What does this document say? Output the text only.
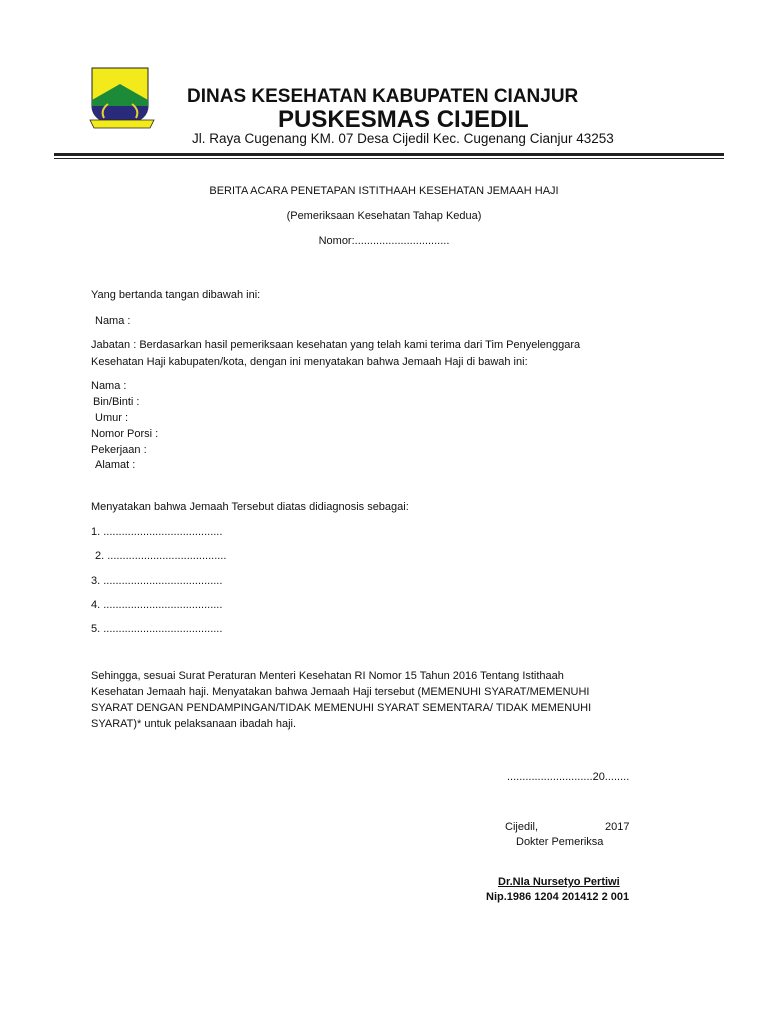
DINAS KESEHATAN KABUPATEN CIANJUR
PUSKESMAS CIJEDIL
Jl. Raya Cugenang KM. 07 Desa Cijedil Kec. Cugenang Cianjur 43253
BERITA ACARA PENETAPAN ISTITHAAH KESEHATAN JEMAAH HAJI
(Pemeriksaan Kesehatan Tahap Kedua)
Nomor:...............................
Yang bertanda tangan dibawah ini:
Nama :
Jabatan : Berdasarkan hasil pemeriksaan kesehatan yang telah kami terima dari Tim Penyelenggara
Kesehatan Haji kabupaten/kota, dengan ini menyatakan bahwa Jemaah Haji di bawah ini:
Nama :
Bin/Binti :
Umur :
Nomor Porsi :
Pekerjaan :
Alamat :
Menyatakan bahwa Jemaah Tersebut diatas didiagnosis sebagai:
1. .......................................
2. .......................................
3. .......................................
4. .......................................
5. .......................................
Sehingga, sesuai Surat Peraturan Menteri Kesehatan RI Nomor 15 Tahun 2016 Tentang Istithaah
Kesehatan Jemaah haji. Menyatakan bahwa Jemaah Haji tersebut (MEMENUHI SYARAT/MEMENUHI
SYARAT DENGAN PENDAMPINGAN/TIDAK MEMENUHI SYARAT SEMENTARA/ TIDAK MEMENUHI
SYARAT)* untuk pelaksanaan ibadah haji.
............................20........
Cijedil,	2017
Dokter Pemeriksa
Dr.NIa Nursetyo Pertiwi
Nip.1986 1204 201412 2 001
